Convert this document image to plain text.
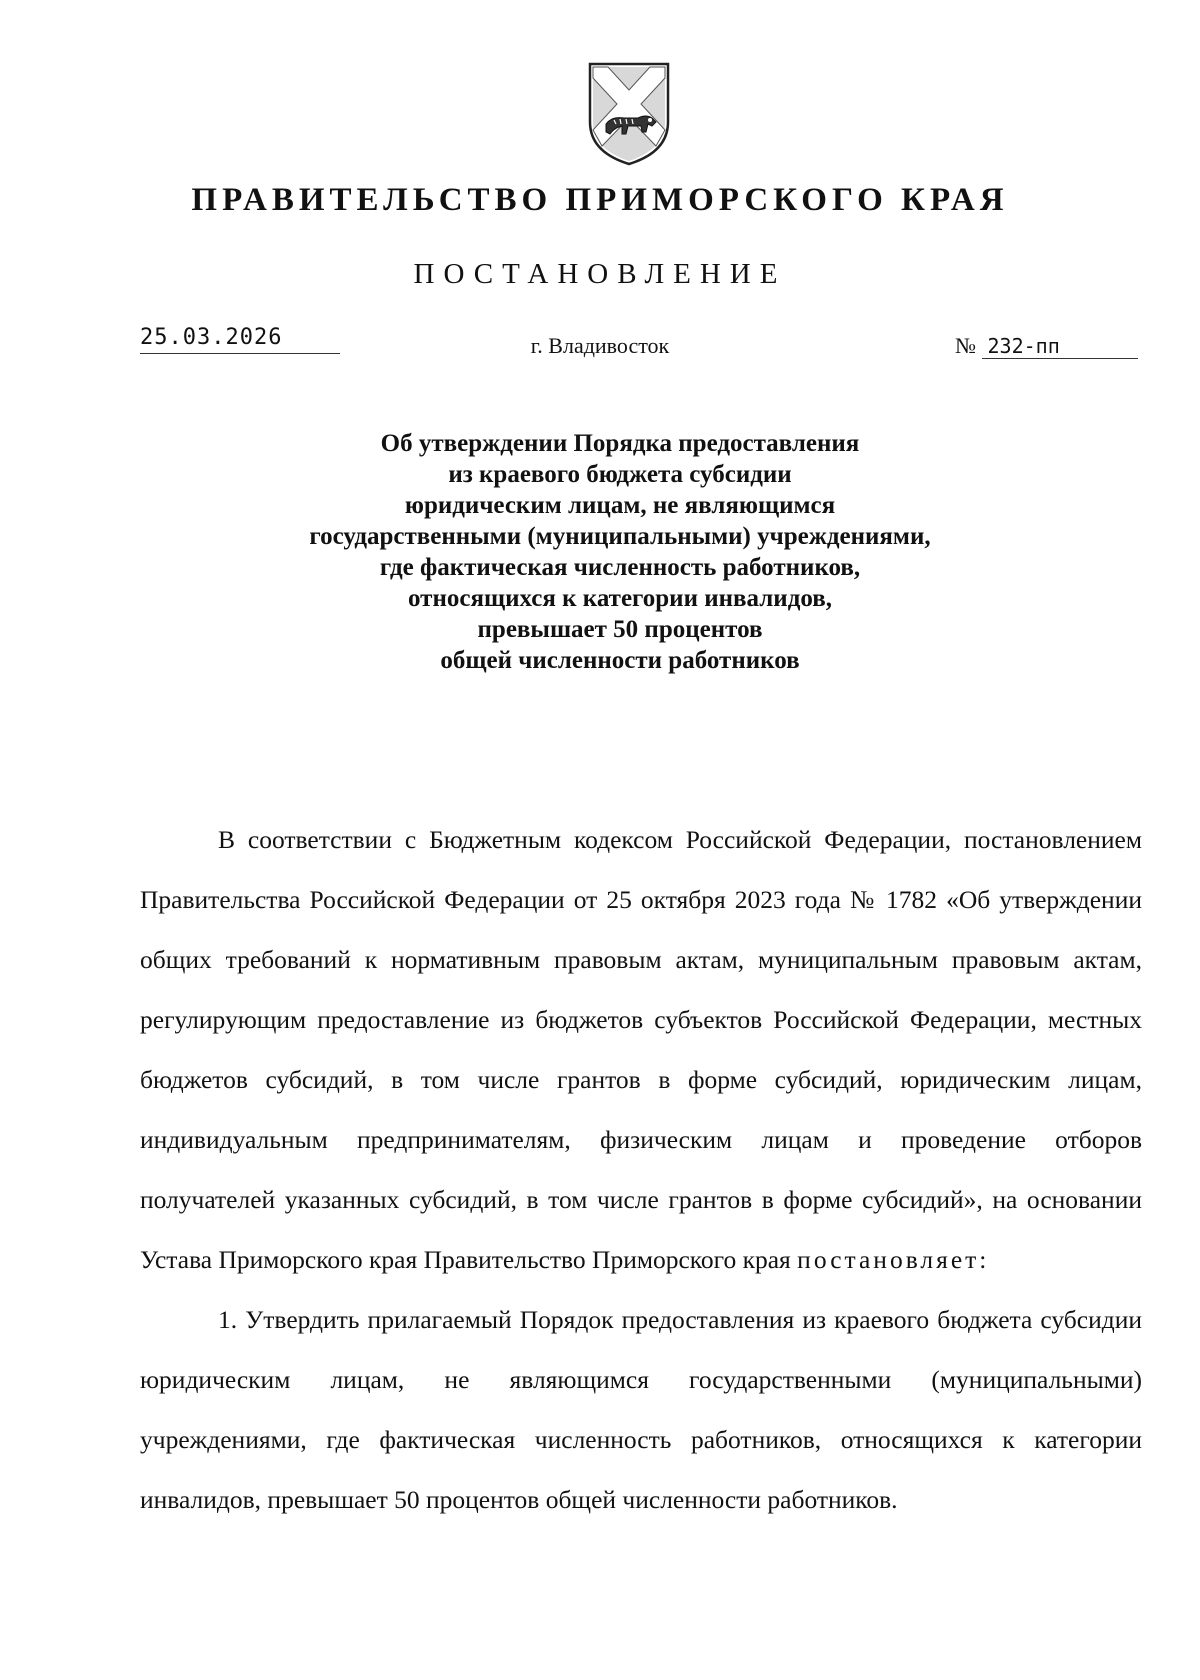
ПРАВИТЕЛЬСТВО ПРИМОРСКОГО КРАЯ
ПОСТАНОВЛЕНИЕ
25.03.2026	г. Владивосток	№ 232-пп
Об утверждении Порядка предоставления
из краевого бюджета субсидии
юридическим лицам, не являющимся
государственными (муниципальными) учреждениями,
где фактическая численность работников,
относящихся к категории инвалидов,
превышает 50 процентов
общей численности работников

В соответствии с Бюджетным кодексом Российской Федерации, постановлением Правительства Российской Федерации от 25 октября 2023 года № 1782 «Об утверждении общих требований к нормативным правовым актам, муниципальным правовым актам, регулирующим предоставление из бюджетов субъектов Российской Федерации, местных бюджетов субсидий, в том числе грантов в форме субсидий, юридическим лицам, индивидуальным предпринимателям, физическим лицам и проведение отборов получателей указанных субсидий, в том числе грантов в форме субсидий», на основании Устава Приморского края Правительство Приморского края постановляет:

1. Утвердить прилагаемый Порядок предоставления из краевого бюджета субсидии юридическим лицам, не являющимся государственными (муниципальными) учреждениями, где фактическая численность работников, относящихся к категории инвалидов, превышает 50 процентов общей численности работников.
